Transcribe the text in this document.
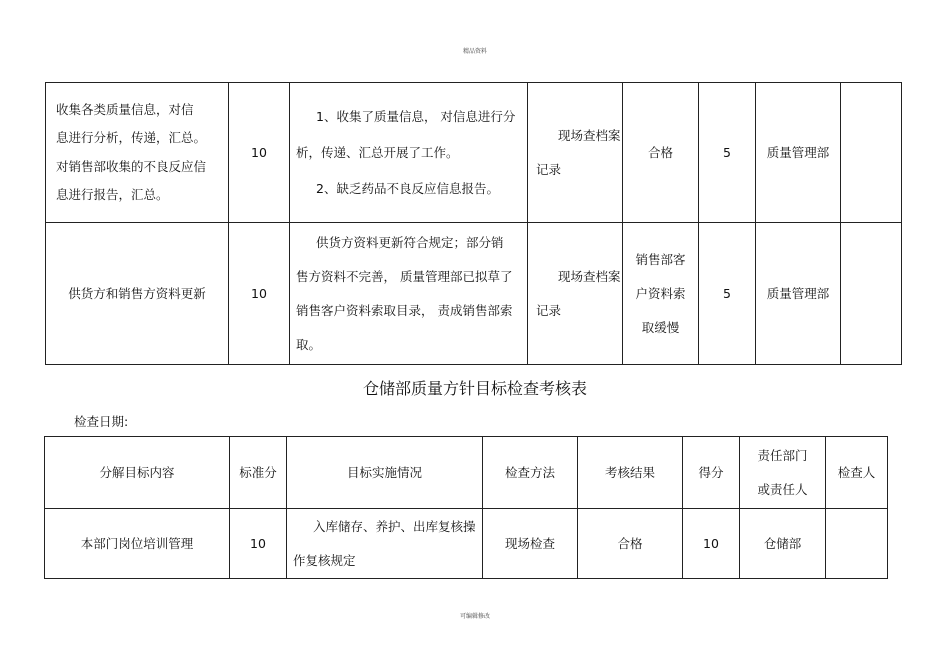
精品资料
收集各类质量信息，对信
息进行分析，传递，汇总。
对销售部收集的不良反应信
息进行报告，汇总。	10	1、收集了质量信息， 对信息进行分
析，传递、汇总开展了工作。
2、缺乏药品不良反应信息报告。	现场查档案
记录	合格	5	质量管理部	
供货方和销售方资料更新	10	供货方资料更新符合规定；部分销
售方资料不完善， 质量管理部已拟草了
销售客户资料索取目录， 责成销售部索
取。	现场查档案
记录	销售部客
户资料索
取缓慢	5	质量管理部	
仓储部质量方针目标检查考核表
检查日期:
分解目标内容	标准分	目标实施情况	检查方法	考核结果	得分	责任部门
或责任人	检查人
本部门岗位培训管理	10	入库储存、养护、出库复核操
作复核规定	现场检查	合格	10	仓储部	
可编辑修改
